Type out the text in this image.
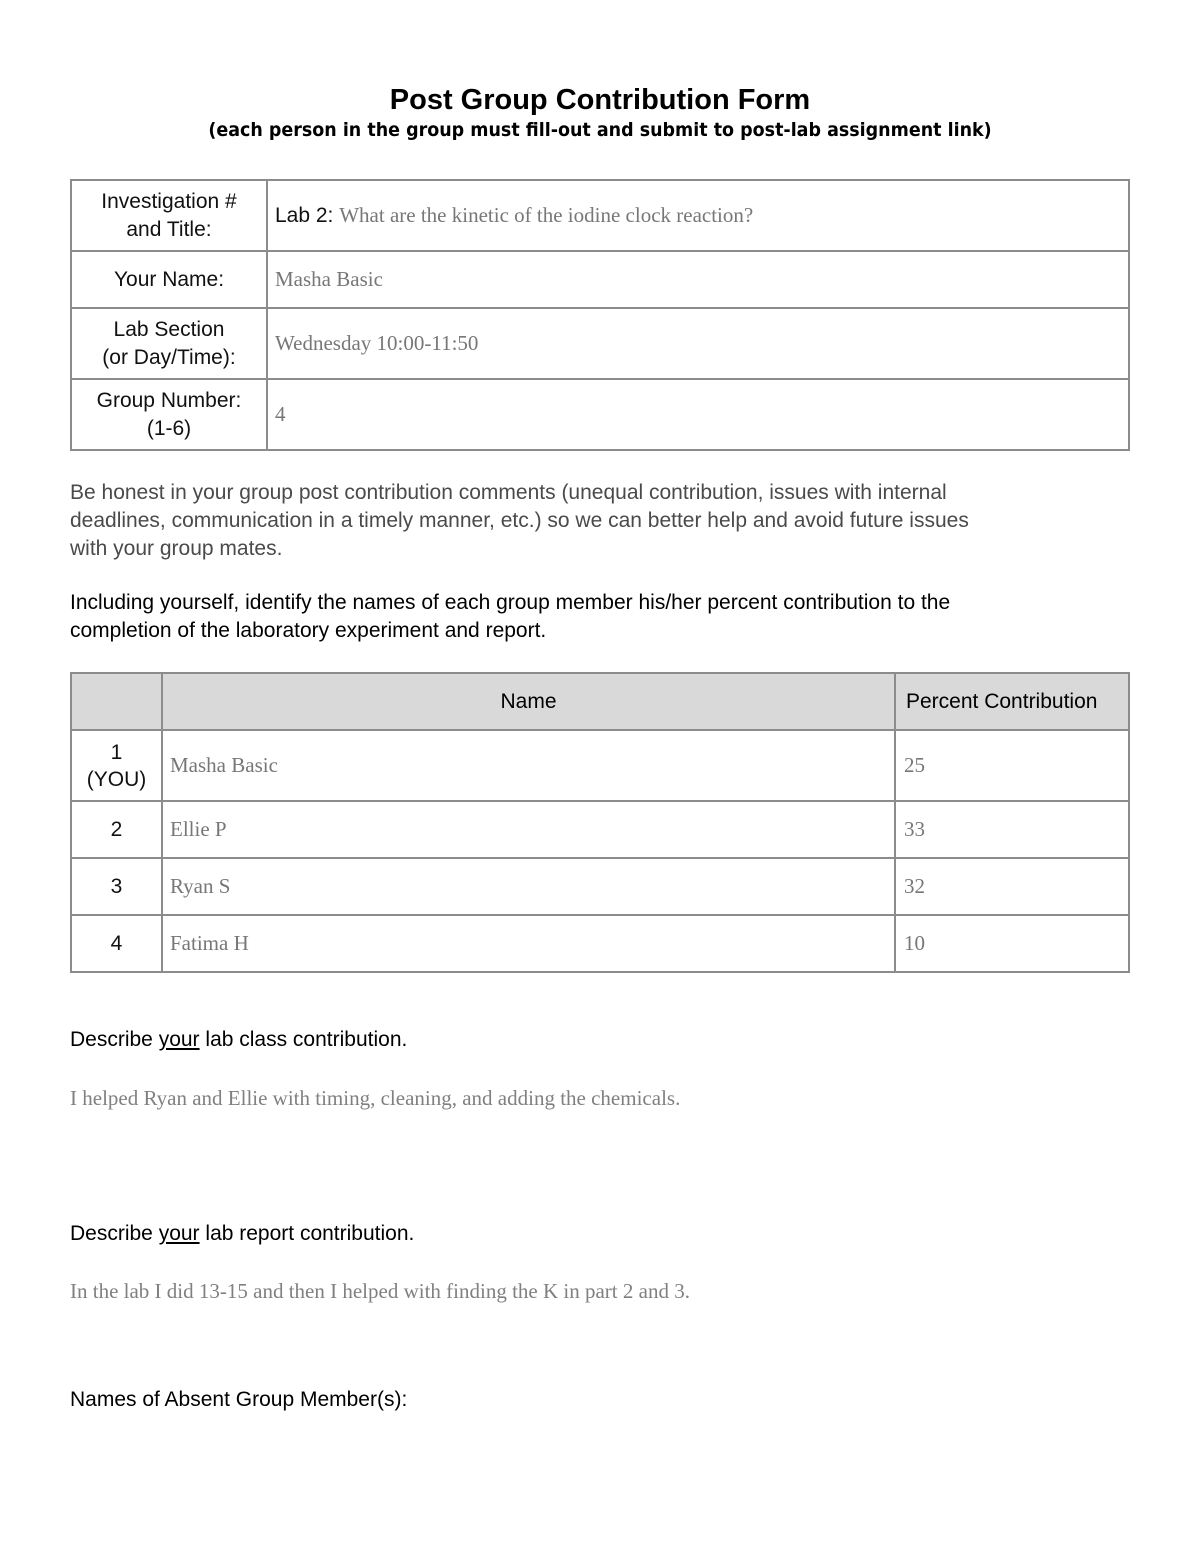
Post Group Contribution Form
(each person in the group must fill-out and submit to post-lab assignment link)
Investigation #
and Title:	Lab 2: What are the kinetic of the iodine clock reaction?
Your Name:	Masha Basic

Lab Section
(or Day/Time):	Wednesday 10:00-11:50

Group Number:
(1-6)	4
Be honest in your group post contribution comments (unequal contribution, issues with internal
deadlines, communication in a timely manner, etc.) so we can better help and avoid future issues
with your group mates.
Including yourself, identify the names of each group member his/her percent contribution to the
completion of the laboratory experiment and report.
	Name	Percent Contribution

1
(YOU)	Masha Basic	25
2	Ellie P	33
3	Ryan S	32
4	Fatima H	10
Describe your lab class contribution.
I helped Ryan and Ellie with timing, cleaning, and adding the chemicals.
Describe your lab report contribution.
In the lab I did 13-15 and then I helped with finding the K in part 2 and 3.
Names of Absent Group Member(s):
